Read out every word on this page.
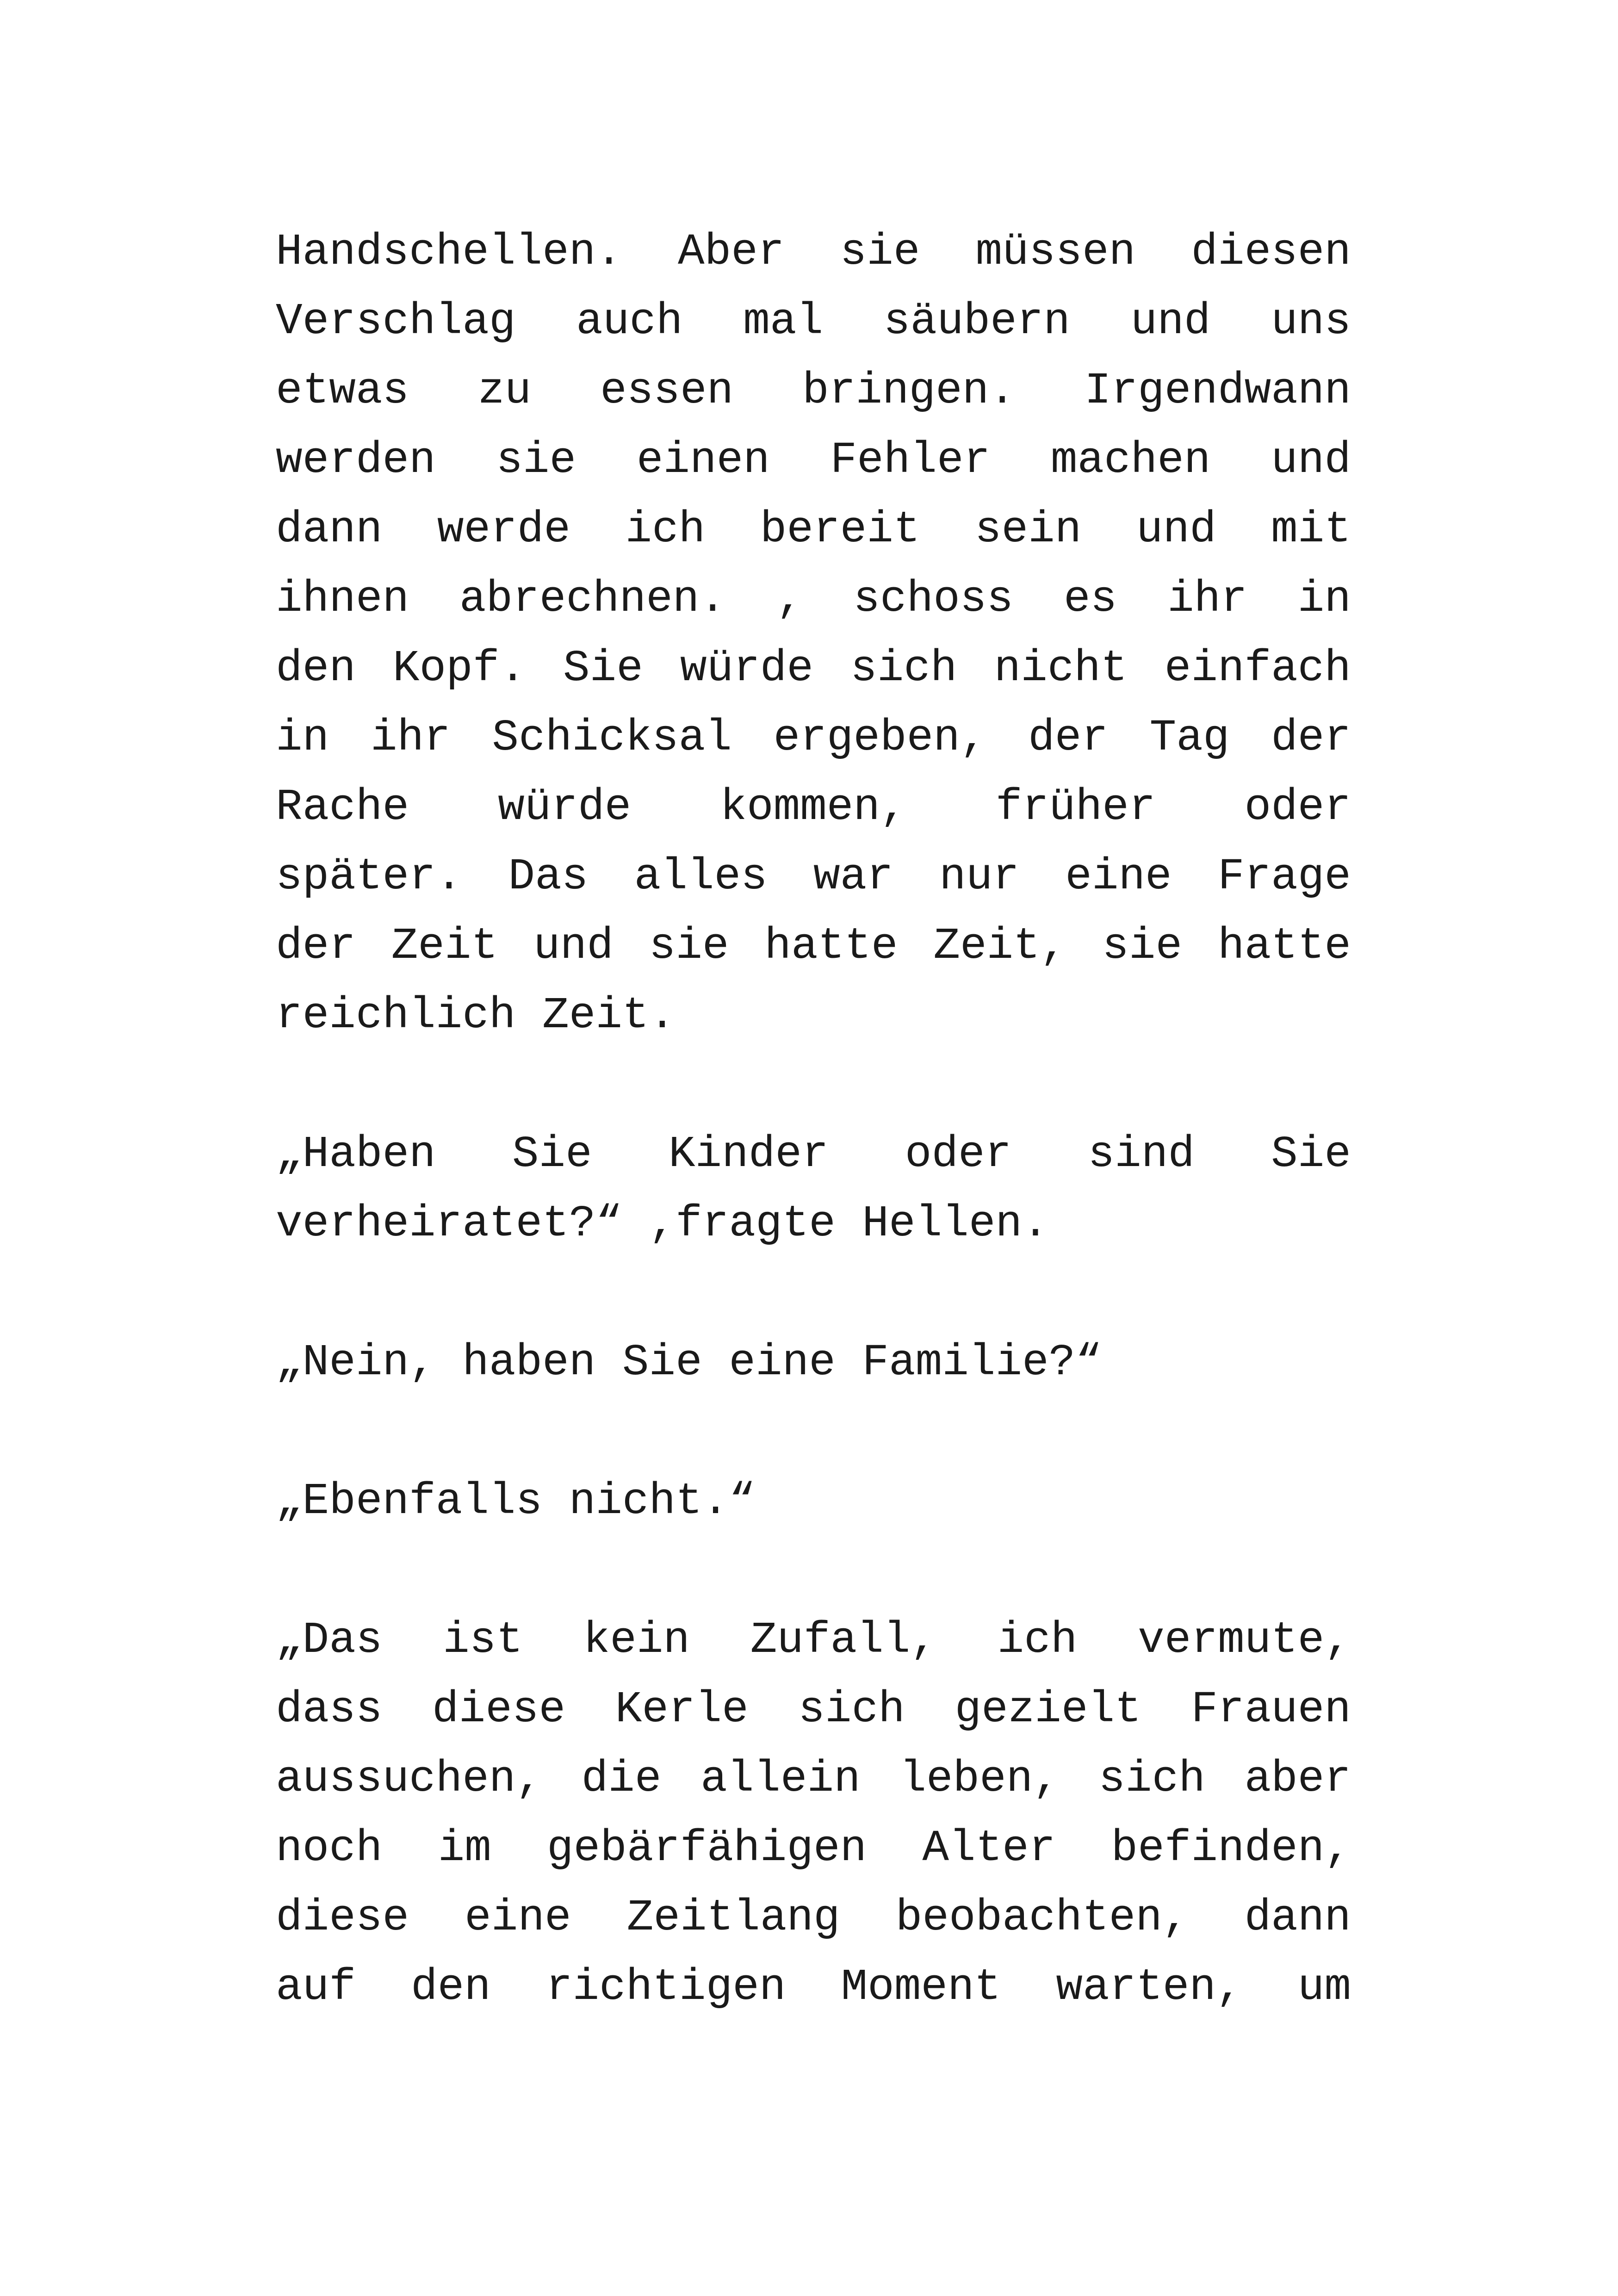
Handschellen. Aber sie müssen diesen
Verschlag auch mal säubern und uns
etwas zu essen bringen. Irgendwann
werden sie einen Fehler machen und
dann werde ich bereit sein und mit
ihnen abrechnen. , schoss es ihr in
den Kopf. Sie würde sich nicht einfach
in ihr Schicksal ergeben, der Tag der
Rache würde kommen, früher oder
später. Das alles war nur eine Frage
der Zeit und sie hatte Zeit, sie hatte
reichlich Zeit.

„Haben Sie Kinder oder sind Sie
verheiratet?“ ,fragte Hellen.

„Nein, haben Sie eine Familie?“

„Ebenfalls nicht.“

„Das ist kein Zufall, ich vermute,
dass diese Kerle sich gezielt Frauen
aussuchen, die allein leben, sich aber
noch im gebärfähigen Alter befinden,
diese eine Zeitlang beobachten, dann
auf den richtigen Moment warten, um
